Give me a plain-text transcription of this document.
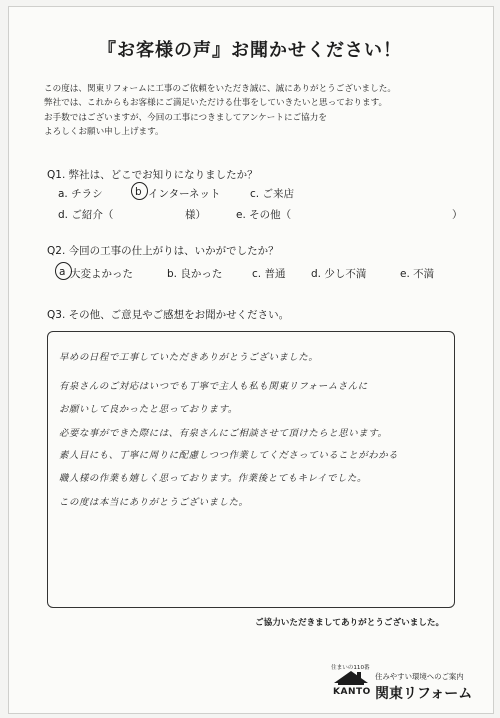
『お客様の声』お聞かせください！
この度は、関東リフォームに工事のご依頼をいただき誠に、誠にありがとうございました。
弊社では、これからもお客様にご満足いただける仕事をしていきたいと思っております。
お手数ではございますが、今回の工事につきましてアンケートにご協力を
よろしくお願い申し上げます。
Q1. 弊社は、どこでお知りになりましたか？
a. チラシ	b インターネット	c. ご来店
d. ご紹介（	様）	e. その他（	）
Q2. 今回の工事の仕上がりは、いかがでしたか？
a 大変よかった	b. 良かった	c. 普通 d. 少し不満	e. 不満
Q3. その他、ご意見やご感想をお聞かせください。
早めの日程で工事していただきありがとうございました。
有泉さんのご対応はいつでも丁寧で主人も私も関東リフォームさんに
お願いして良かったと思っております。
必要な事ができた際には、有泉さんにご相談させて頂けたらと思います。
素人目にも、丁寧に周りに配慮しつつ作業してくださっていることがわかる
職人様の作業も嬉しく思っております。作業後とてもキレイでした。
この度は本当にありがとうございました。
ご協力いただきましてありがとうございました。
住まいの110番
KANTO
住みやすい環境へのご案内
関東リフォーム
